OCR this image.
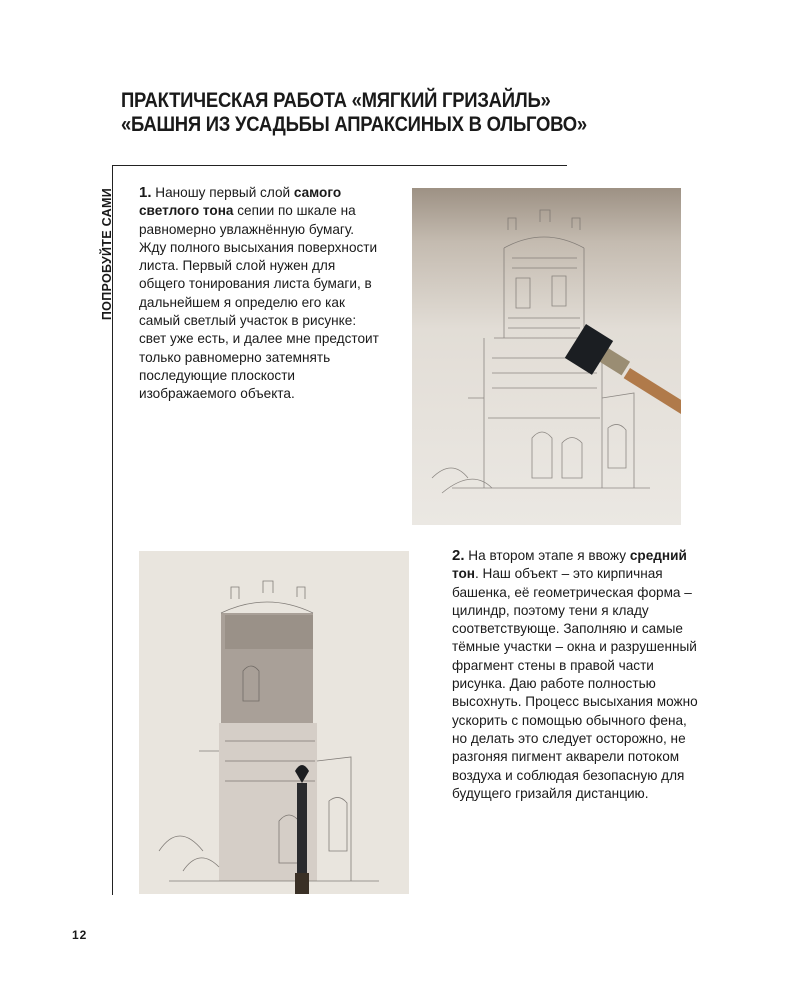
ПРАКТИЧЕСКАЯ РАБОТА «МЯГКИЙ ГРИЗАЙЛЬ»
«БАШНЯ ИЗ УСАДЬБЫ АПРАКСИНЫХ В ОЛЬГОВО»
ПОПРОБУЙТЕ САМИ 1. Наношу первый слой самого светлого тона сепии по шкале на равномерно увлажнённую бумагу. Жду полного высыхания поверхности листа. Первый слой нужен для общего тонирования листа бумаги, в дальнейшем я определю его как самый светлый участок в рисунке: свет уже есть, и далее мне предстоит только равномерно затемнять последующие плоскости изображаемого объекта.

2. На втором этапе я ввожу средний тон. Наш объект – это кирпичная башенка, её геометрическая форма – цилиндр, поэтому тени я кладу соответствующе. Заполняю и самые тёмные участки – окна и разрушенный фрагмент стены в правой части рисунка. Даю работе полностью высохнуть. Процесс высыхания можно ускорить с помощью обычного фена, но делать это следует осторожно, не разгоняя пигмент акварели потоком воздуха и соблюдая безопасную для будущего гризайля дистанцию.

12
